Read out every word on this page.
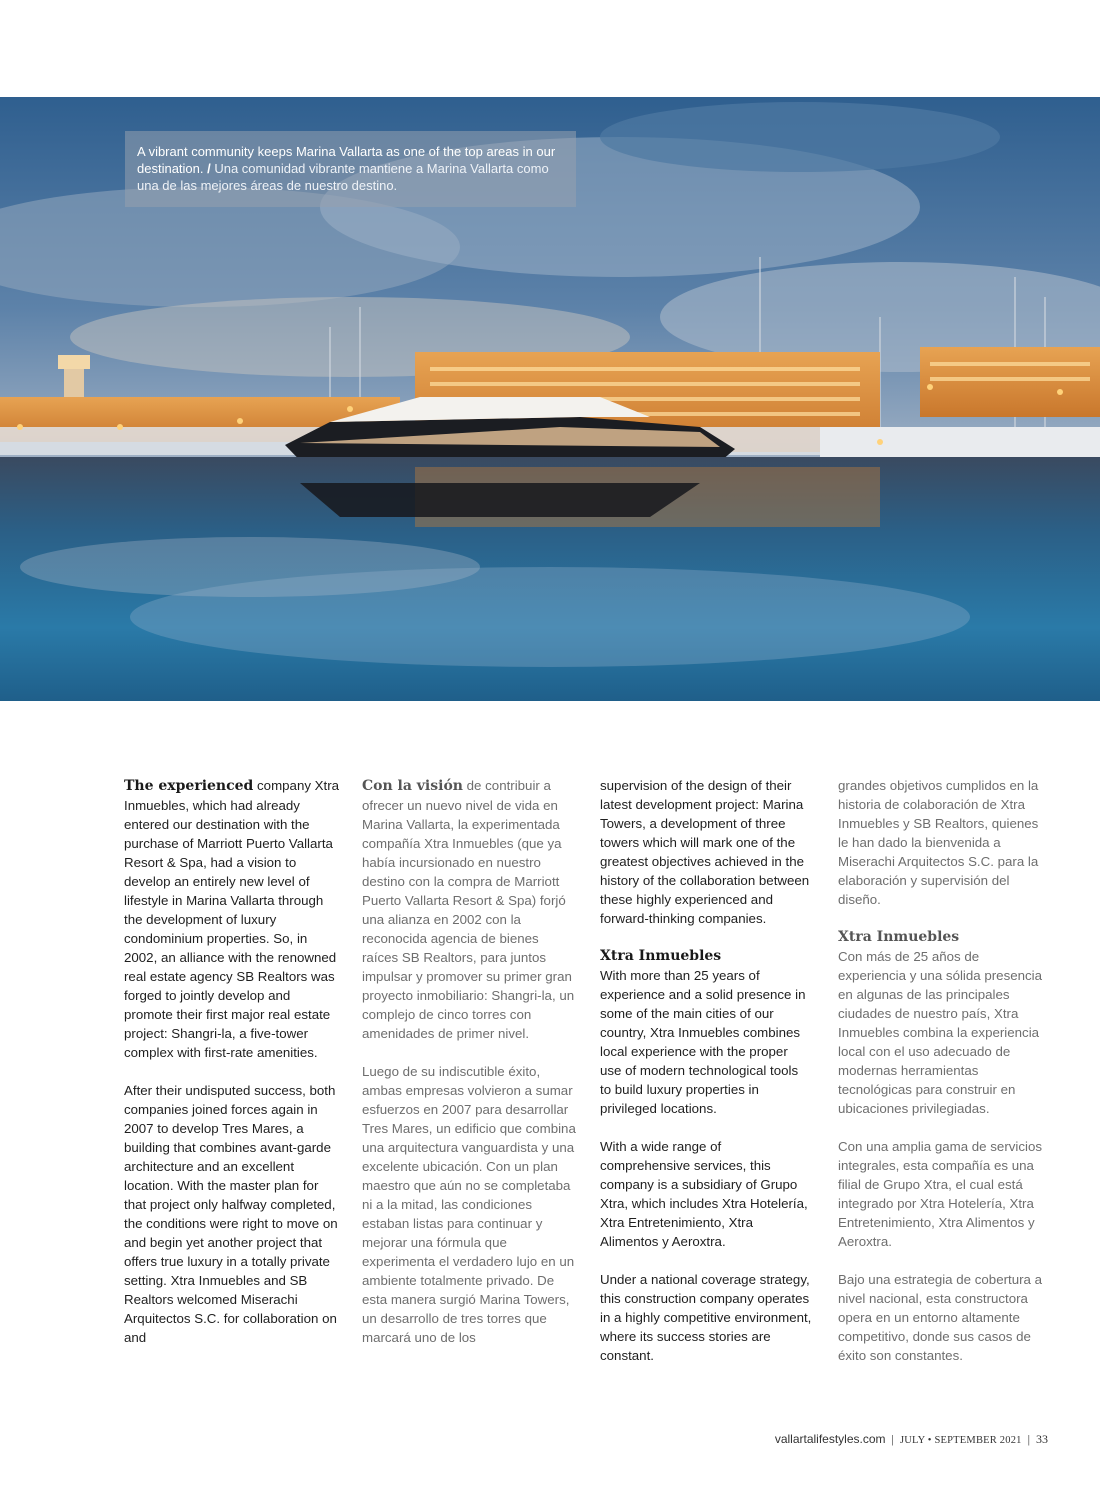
A vibrant community keeps Marina Vallarta as one of the top areas in our destination. / Una comunidad vibrante mantiene a Marina Vallarta como una de las mejores áreas de nuestro destino.

The experienced company Xtra Inmuebles, which had already entered our destination with the purchase of Marriott Puerto Vallarta Resort & Spa, had a vision to develop an entirely new level of lifestyle in Marina Vallarta through the development of luxury condominium properties. So, in 2002, an alliance with the renowned real estate agency SB Realtors was forged to jointly develop and promote their first major real estate project: Shangri-la, a five-tower complex with first-rate amenities.

After their undisputed success, both companies joined forces again in 2007 to develop Tres Mares, a building that combines avant-garde architecture and an excellent location. With the master plan for that project only halfway completed, the conditions were right to move on and begin yet another project that offers true luxury in a totally private setting. Xtra Inmuebles and SB Realtors welcomed Miserachi Arquitectos S.C. for collaboration on and

Con la visión de contribuir a ofrecer un nuevo nivel de vida en Marina Vallarta, la experimentada compañía Xtra Inmuebles (que ya había incursionado en nuestro destino con la compra de Marriott Puerto Vallarta Resort & Spa) forjó una alianza en 2002 con la reconocida agencia de bienes raíces SB Realtors, para juntos impulsar y promover su primer gran proyecto inmobiliario: Shangri-la, un complejo de cinco torres con amenidades de primer nivel.

Luego de su indiscutible éxito, ambas empresas volvieron a sumar esfuerzos en 2007 para desarrollar Tres Mares, un edificio que combina una arquitectura vanguardista y una excelente ubicación. Con un plan maestro que aún no se completaba ni a la mitad, las condiciones estaban listas para continuar y mejorar una fórmula que experimenta el verdadero lujo en un ambiente totalmente privado. De esta manera surgió Marina Towers, un desarrollo de tres torres que marcará uno de los

supervision of the design of their latest development project: Marina Towers, a development of three towers which will mark one of the greatest objectives achieved in the history of the collaboration between these highly experienced and forward-thinking companies.

Xtra Inmuebles

With more than 25 years of experience and a solid presence in some of the main cities of our country, Xtra Inmuebles combines local experience with the proper use of modern technological tools to build luxury properties in privileged locations.

With a wide range of comprehensive services, this company is a subsidiary of Grupo Xtra, which includes Xtra Hotelería, Xtra Entretenimiento, Xtra Alimentos y Aeroxtra.

Under a national coverage strategy, this construction company operates in a highly competitive environment, where its success stories are constant.

grandes objetivos cumplidos en la historia de colaboración de Xtra Inmuebles y SB Realtors, quienes le han dado la bienvenida a Miserachi Arquitectos S.C. para la elaboración y supervisión del diseño.

Xtra Inmuebles

Con más de 25 años de experiencia y una sólida presencia en algunas de las principales ciudades de nuestro país, Xtra Inmuebles combina la experiencia local con el uso adecuado de modernas herramientas tecnológicas para construir en ubicaciones privilegiadas.

Con una amplia gama de servicios integrales, esta compañía es una filial de Grupo Xtra, el cual está integrado por Xtra Hotelería, Xtra Entretenimiento, Xtra Alimentos y Aeroxtra.

Bajo una estrategia de cobertura a nivel nacional, esta constructora opera en un entorno altamente competitivo, donde sus casos de éxito son constantes.

vallartalifestyles.com | JULY • SEPTEMBER 2021 | 33
